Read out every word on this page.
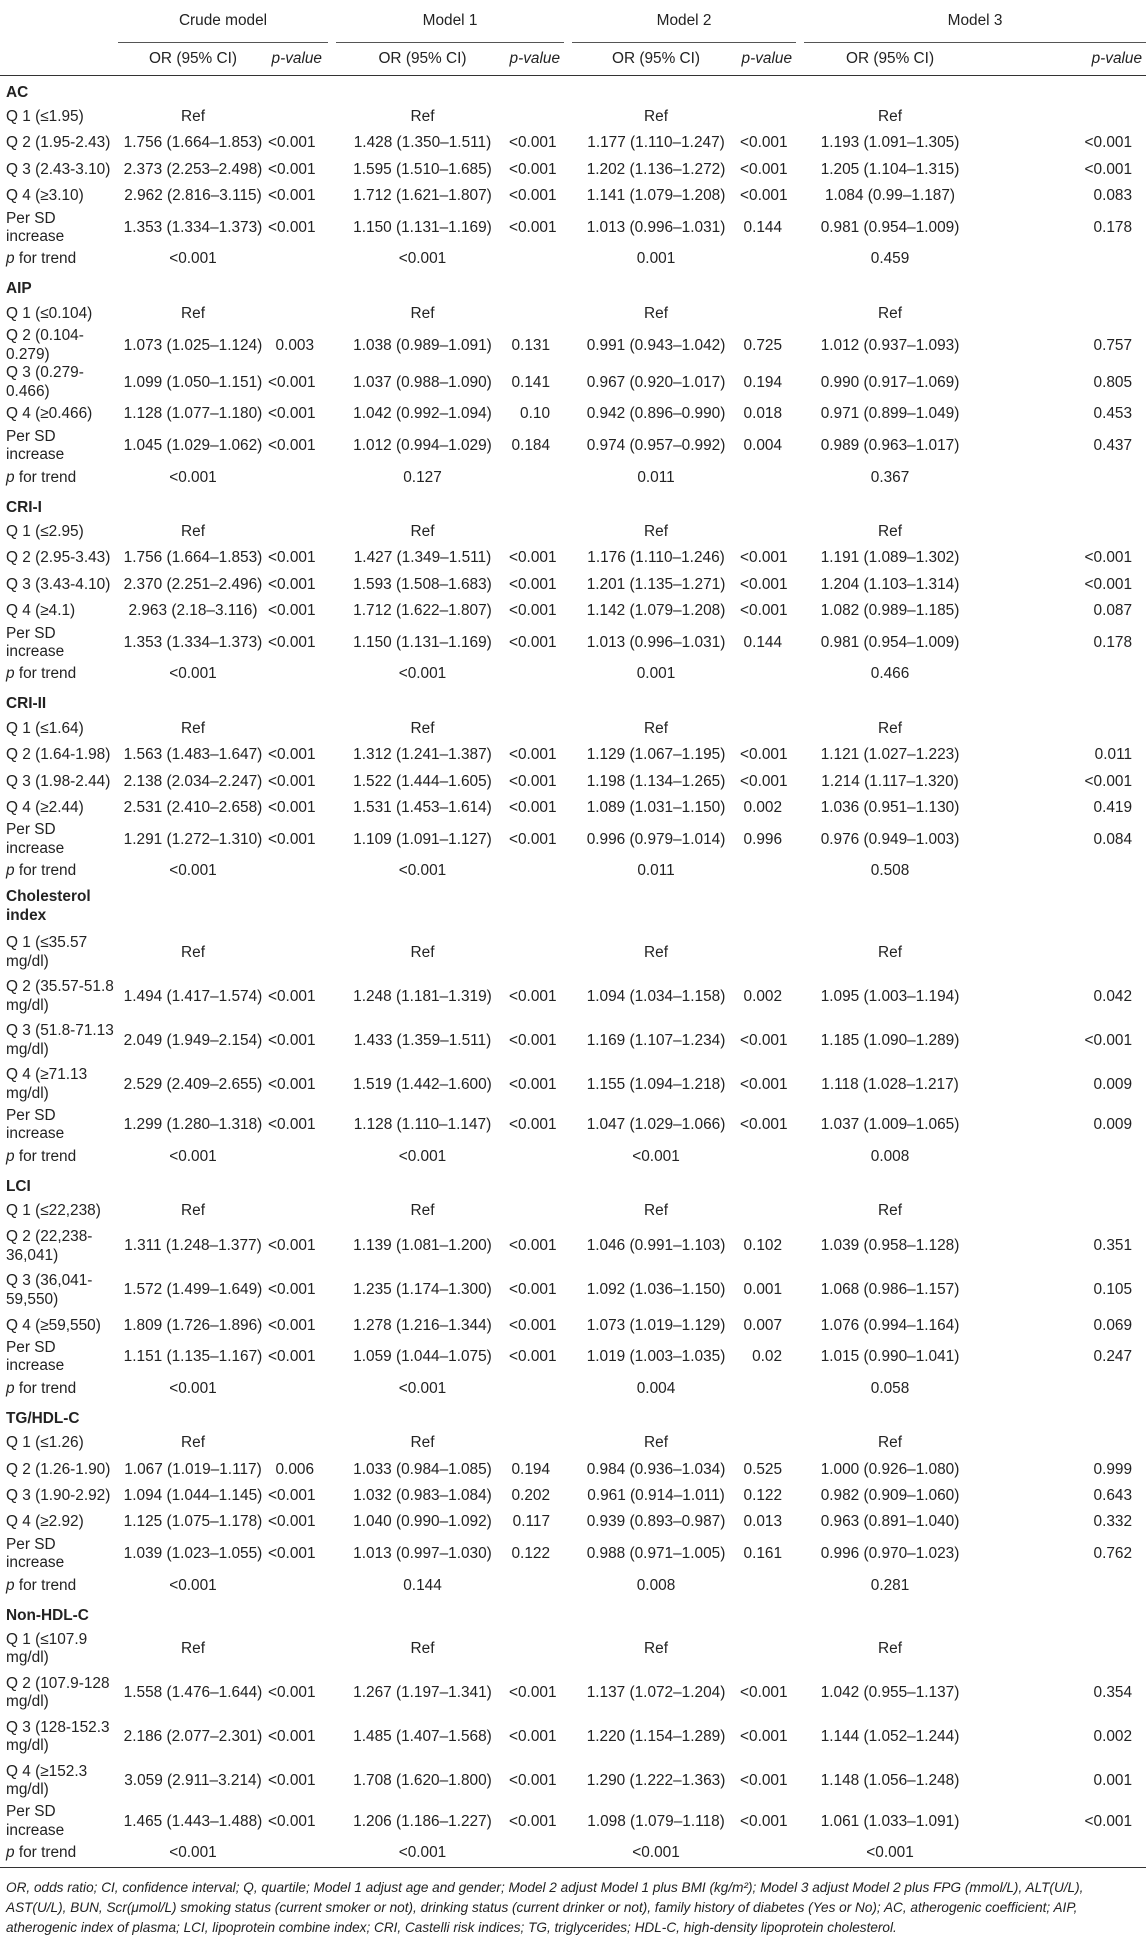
	Crude model			Model 1			Model 2			Model 3	
	OR (95% CI)	p-value		OR (95% CI)	p-value		OR (95% CI)	p-value		OR (95% CI)	p-value
AC											
Q 1 (≤1.95)	Ref			Ref			Ref			Ref	
Q 2 (1.95-2.43)	1.756 (1.664–1.853)	<0.001		1.428 (1.350–1.511)	<0.001		1.177 (1.110–1.247)	<0.001		1.193 (1.091–1.305)	<0.001
Q 3 (2.43-3.10)	2.373 (2.253–2.498)	<0.001		1.595 (1.510–1.685)	<0.001		1.202 (1.136–1.272)	<0.001		1.205 (1.104–1.315)	<0.001
Q 4 (≥3.10)	2.962 (2.816–3.115)	<0.001		1.712 (1.621–1.807)	<0.001		1.141 (1.079–1.208)	<0.001		1.084 (0.99–1.187)	0.083
Per SD increase	1.353 (1.334–1.373)	<0.001		1.150 (1.131–1.169)	<0.001		1.013 (0.996–1.031)	0.144		0.981 (0.954–1.009)	0.178
p for trend	<0.001			<0.001			0.001			0.459	
AIP											
Q 1 (≤0.104)	Ref			Ref			Ref			Ref	
Q 2 (0.104-0.279)	1.073 (1.025–1.124)	0.003		1.038 (0.989–1.091)	0.131		0.991 (0.943–1.042)	0.725		1.012 (0.937–1.093)	0.757
Q 3 (0.279-0.466)	1.099 (1.050–1.151)	<0.001		1.037 (0.988–1.090)	0.141		0.967 (0.920–1.017)	0.194		0.990 (0.917–1.069)	0.805
Q 4 (≥0.466)	1.128 (1.077–1.180)	<0.001		1.042 (0.992–1.094)	0.10		0.942 (0.896–0.990)	0.018		0.971 (0.899–1.049)	0.453
Per SD increase	1.045 (1.029–1.062)	<0.001		1.012 (0.994–1.029)	0.184		0.974 (0.957–0.992)	0.004		0.989 (0.963–1.017)	0.437
p for trend	<0.001			0.127			0.011			0.367	
CRI-I											
Q 1 (≤2.95)	Ref			Ref			Ref			Ref	
Q 2 (2.95-3.43)	1.756 (1.664–1.853)	<0.001		1.427 (1.349–1.511)	<0.001		1.176 (1.110–1.246)	<0.001		1.191 (1.089–1.302)	<0.001
Q 3 (3.43-4.10)	2.370 (2.251–2.496)	<0.001		1.593 (1.508–1.683)	<0.001		1.201 (1.135–1.271)	<0.001		1.204 (1.103–1.314)	<0.001
Q 4 (≥4.1)	2.963 (2.18–3.116)	<0.001		1.712 (1.622–1.807)	<0.001		1.142 (1.079–1.208)	<0.001		1.082 (0.989–1.185)	0.087
Per SD increase	1.353 (1.334–1.373)	<0.001		1.150 (1.131–1.169)	<0.001		1.013 (0.996–1.031)	0.144		0.981 (0.954–1.009)	0.178
p for trend	<0.001			<0.001			0.001			0.466	
CRI-II											
Q 1 (≤1.64)	Ref			Ref			Ref			Ref	
Q 2 (1.64-1.98)	1.563 (1.483–1.647)	<0.001		1.312 (1.241–1.387)	<0.001		1.129 (1.067–1.195)	<0.001		1.121 (1.027–1.223)	0.011
Q 3 (1.98-2.44)	2.138 (2.034–2.247)	<0.001		1.522 (1.444–1.605)	<0.001		1.198 (1.134–1.265)	<0.001		1.214 (1.117–1.320)	<0.001
Q 4 (≥2.44)	2.531 (2.410–2.658)	<0.001		1.531 (1.453–1.614)	<0.001		1.089 (1.031–1.150)	0.002		1.036 (0.951–1.130)	0.419
Per SD increase	1.291 (1.272–1.310)	<0.001		1.109 (1.091–1.127)	<0.001		0.996 (0.979–1.014)	0.996		0.976 (0.949–1.003)	0.084
p for trend	<0.001			<0.001			0.011			0.508	
Cholesterol index											
Q 1 (≤35.57 mg/dl)	Ref			Ref			Ref			Ref	
Q 2 (35.57-51.8 mg/dl)	1.494 (1.417–1.574)	<0.001		1.248 (1.181–1.319)	<0.001		1.094 (1.034–1.158)	0.002		1.095 (1.003–1.194)	0.042
Q 3 (51.8-71.13 mg/dl)	2.049 (1.949–2.154)	<0.001		1.433 (1.359–1.511)	<0.001		1.169 (1.107–1.234)	<0.001		1.185 (1.090–1.289)	<0.001
Q 4 (≥71.13 mg/dl)	2.529 (2.409–2.655)	<0.001		1.519 (1.442–1.600)	<0.001		1.155 (1.094–1.218)	<0.001		1.118 (1.028–1.217)	0.009
Per SD increase	1.299 (1.280–1.318)	<0.001		1.128 (1.110–1.147)	<0.001		1.047 (1.029–1.066)	<0.001		1.037 (1.009–1.065)	0.009
p for trend	<0.001			<0.001			<0.001			0.008	
LCI											
Q 1 (≤22,238)	Ref			Ref			Ref			Ref	
Q 2 (22,238-36,041)	1.311 (1.248–1.377)	<0.001		1.139 (1.081–1.200)	<0.001		1.046 (0.991–1.103)	0.102		1.039 (0.958–1.128)	0.351
Q 3 (36,041-59,550)	1.572 (1.499–1.649)	<0.001		1.235 (1.174–1.300)	<0.001		1.092 (1.036–1.150)	0.001		1.068 (0.986–1.157)	0.105
Q 4 (≥59,550)	1.809 (1.726–1.896)	<0.001		1.278 (1.216–1.344)	<0.001		1.073 (1.019–1.129)	0.007		1.076 (0.994–1.164)	0.069
Per SD increase	1.151 (1.135–1.167)	<0.001		1.059 (1.044–1.075)	<0.001		1.019 (1.003–1.035)	0.02		1.015 (0.990–1.041)	0.247
p for trend	<0.001			<0.001			0.004			0.058	
TG/HDL-C											
Q 1 (≤1.26)	Ref			Ref			Ref			Ref	
Q 2 (1.26-1.90)	1.067 (1.019–1.117)	0.006		1.033 (0.984–1.085)	0.194		0.984 (0.936–1.034)	0.525		1.000 (0.926–1.080)	0.999
Q 3 (1.90-2.92)	1.094 (1.044–1.145)	<0.001		1.032 (0.983–1.084)	0.202		0.961 (0.914–1.011)	0.122		0.982 (0.909–1.060)	0.643
Q 4 (≥2.92)	1.125 (1.075–1.178)	<0.001		1.040 (0.990–1.092)	0.117		0.939 (0.893–0.987)	0.013		0.963 (0.891–1.040)	0.332
Per SD increase	1.039 (1.023–1.055)	<0.001		1.013 (0.997–1.030)	0.122		0.988 (0.971–1.005)	0.161		0.996 (0.970–1.023)	0.762
p for trend	<0.001			0.144			0.008			0.281	
Non-HDL-C											
Q 1 (≤107.9 mg/dl)	Ref			Ref			Ref			Ref	
Q 2 (107.9-128 mg/dl)	1.558 (1.476–1.644)	<0.001		1.267 (1.197–1.341)	<0.001		1.137 (1.072–1.204)	<0.001		1.042 (0.955–1.137)	0.354
Q 3 (128-152.3 mg/dl)	2.186 (2.077–2.301)	<0.001		1.485 (1.407–1.568)	<0.001		1.220 (1.154–1.289)	<0.001		1.144 (1.052–1.244)	0.002
Q 4 (≥152.3 mg/dl)	3.059 (2.911–3.214)	<0.001		1.708 (1.620–1.800)	<0.001		1.290 (1.222–1.363)	<0.001		1.148 (1.056–1.248)	0.001
Per SD increase	1.465 (1.443–1.488)	<0.001		1.206 (1.186–1.227)	<0.001		1.098 (1.079–1.118)	<0.001		1.061 (1.033–1.091)	<0.001
p for trend	<0.001			<0.001			<0.001			<0.001	
OR, odds ratio; CI, confidence interval; Q, quartile; Model 1 adjust age and gender; Model 2 adjust Model 1 plus BMI (kg/m²); Model 3 adjust Model 2 plus FPG (mmol/L), ALT(U/L), AST(U/L), BUN, Scr(μmol/L) smoking status (current smoker or not), drinking status (current drinker or not), family history of diabetes (Yes or No); AC, atherogenic coefficient; AIP, atherogenic index of plasma; LCI, lipoprotein combine index; CRI, Castelli risk indices; TG, triglycerides; HDL-C, high-density lipoprotein cholesterol.
